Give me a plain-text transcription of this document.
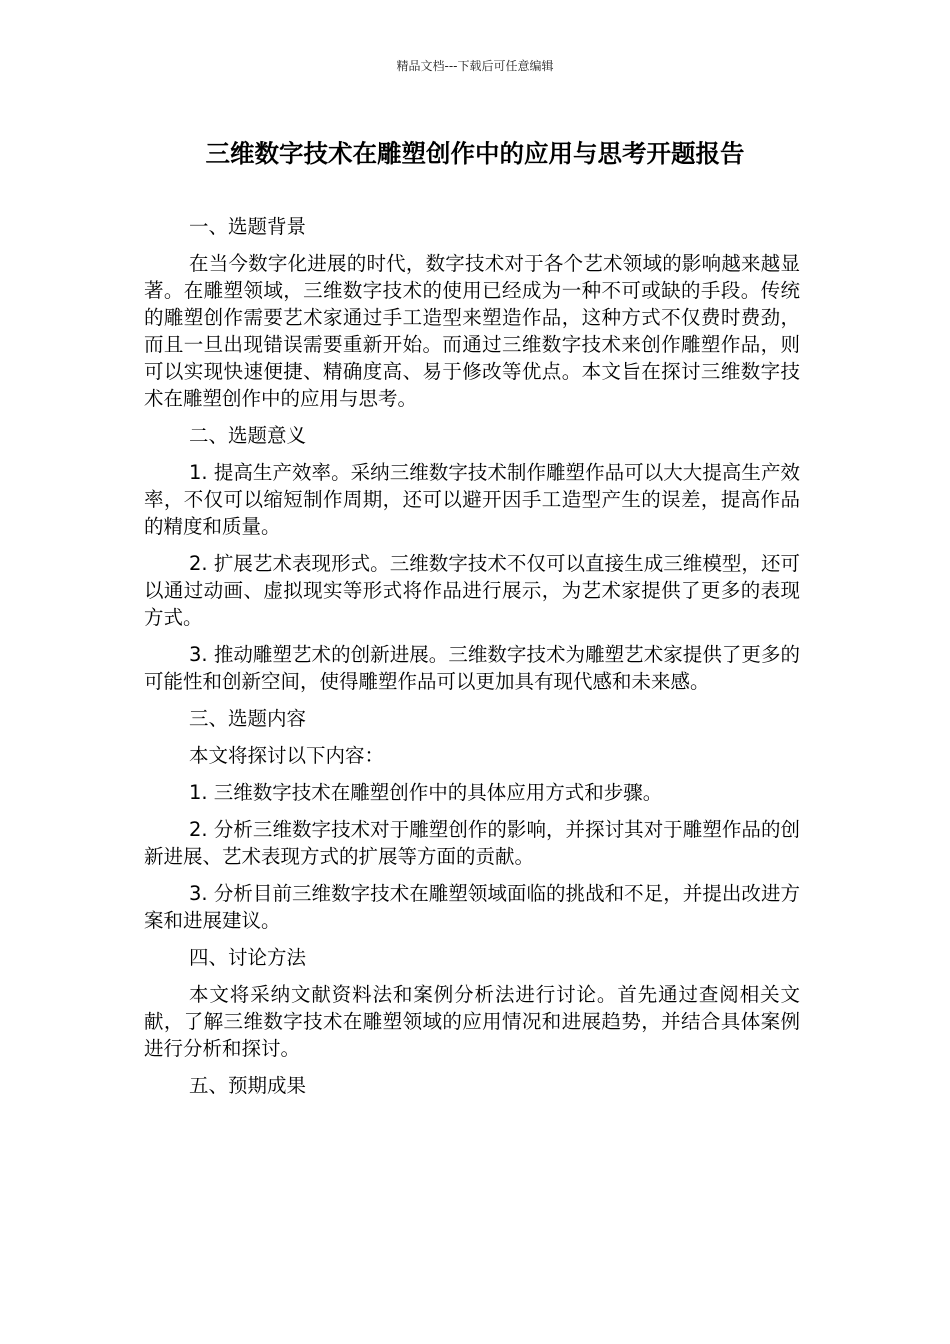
精品文档---下载后可任意编辑
三维数字技术在雕塑创作中的应用与思考开题报告
一、选题背景

在当今数字化进展的时代，数字技术对于各个艺术领域的影响越来越显著。在雕塑领域，三维数字技术的使用已经成为一种不可或缺的手段。传统的雕塑创作需要艺术家通过手工造型来塑造作品，这种方式不仅费时费劲，而且一旦出现错误需要重新开始。而通过三维数字技术来创作雕塑作品，则可以实现快速便捷、精确度高、易于修改等优点。本文旨在探讨三维数字技术在雕塑创作中的应用与思考。

二、选题意义

1. 提高生产效率。采纳三维数字技术制作雕塑作品可以大大提高生产效率，不仅可以缩短制作周期，还可以避开因手工造型产生的误差，提高作品的精度和质量。

2. 扩展艺术表现形式。三维数字技术不仅可以直接生成三维模型，还可以通过动画、虚拟现实等形式将作品进行展示，为艺术家提供了更多的表现方式。

3. 推动雕塑艺术的创新进展。三维数字技术为雕塑艺术家提供了更多的可能性和创新空间，使得雕塑作品可以更加具有现代感和未来感。

三、选题内容

本文将探讨以下内容：

1. 三维数字技术在雕塑创作中的具体应用方式和步骤。

2. 分析三维数字技术对于雕塑创作的影响，并探讨其对于雕塑作品的创新进展、艺术表现方式的扩展等方面的贡献。

3. 分析目前三维数字技术在雕塑领域面临的挑战和不足，并提出改进方案和进展建议。

四、讨论方法

本文将采纳文献资料法和案例分析法进行讨论。首先通过查阅相关文献，了解三维数字技术在雕塑领域的应用情况和进展趋势，并结合具体案例进行分析和探讨。

五、预期成果
